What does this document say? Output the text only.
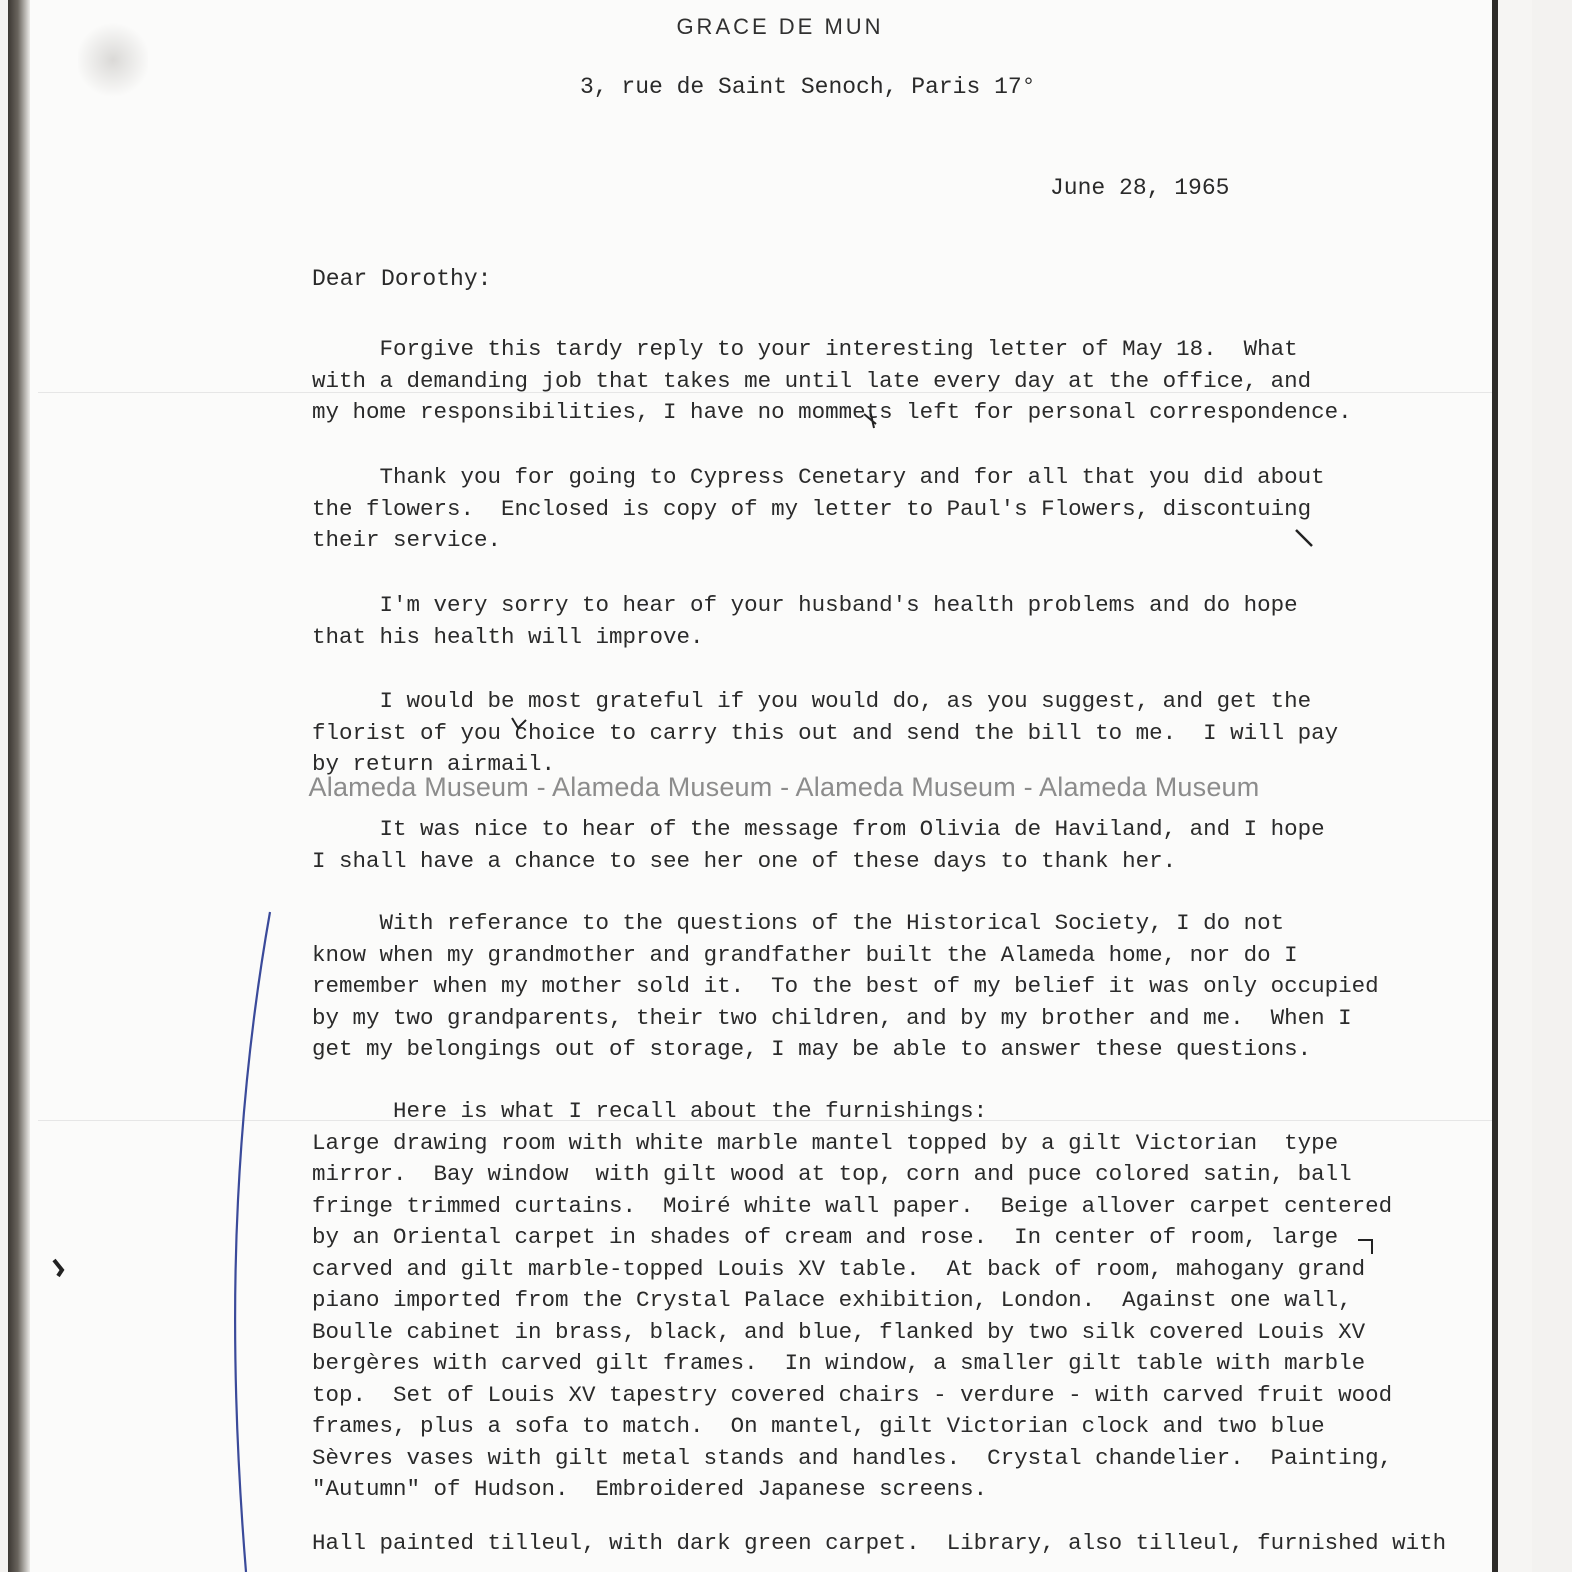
GRACE DE MUN
3, rue de Saint Senoch, Paris 17°
June 28, 1965
Dear Dorothy:
Forgive this tardy reply to your interesting letter of May 18.  What
with a demanding job that takes me until late every day at the office, and
my home responsibilities, I have no mommets left for personal correspondence.
Thank you for going to Cypress Cenetary and for all that you did about
the flowers.  Enclosed is copy of my letter to Paul's Flowers, discontuing
their service.
I'm very sorry to hear of your husband's health problems and do hope
that his health will improve.
I would be most grateful if you would do, as you suggest, and get the
florist of you choice to carry this out and send the bill to me.  I will pay
by return airmail.
It was nice to hear of the message from Olivia de Haviland, and I hope
I shall have a chance to see her one of these days to thank her.
With referance to the questions of the Historical Society, I do not
know when my grandmother and grandfather built the Alameda home, nor do I
remember when my mother sold it.  To the best of my belief it was only occupied
by my two grandparents, their two children, and by my brother and me.  When I
get my belongings out of storage, I may be able to answer these questions.
Here is what I recall about the furnishings:
Large drawing room with white marble mantel topped by a gilt Victorian  type
mirror.  Bay window  with gilt wood at top, corn and puce colored satin, ball
fringe trimmed curtains.  Moiré white wall paper.  Beige allover carpet centered
by an Oriental carpet in shades of cream and rose.  In center of room, large
carved and gilt marble-topped Louis XV table.  At back of room, mahogany grand
piano imported from the Crystal Palace exhibition, London.  Against one wall,
Boulle cabinet in brass, black, and blue, flanked by two silk covered Louis XV
bergères with carved gilt frames.  In window, a smaller gilt table with marble
top.  Set of Louis XV tapestry covered chairs - verdure - with carved fruit wood
frames, plus a sofa to match.  On mantel, gilt Victorian clock and two blue
Sèvres vases with gilt metal stands and handles.  Crystal chandelier.  Painting,
"Autumn" of Hudson.  Embroidered Japanese screens.
Hall painted tilleul, with dark green carpet.  Library, also tilleul, furnished with
Alameda Museum - Alameda Museum - Alameda Museum - Alameda Museum
